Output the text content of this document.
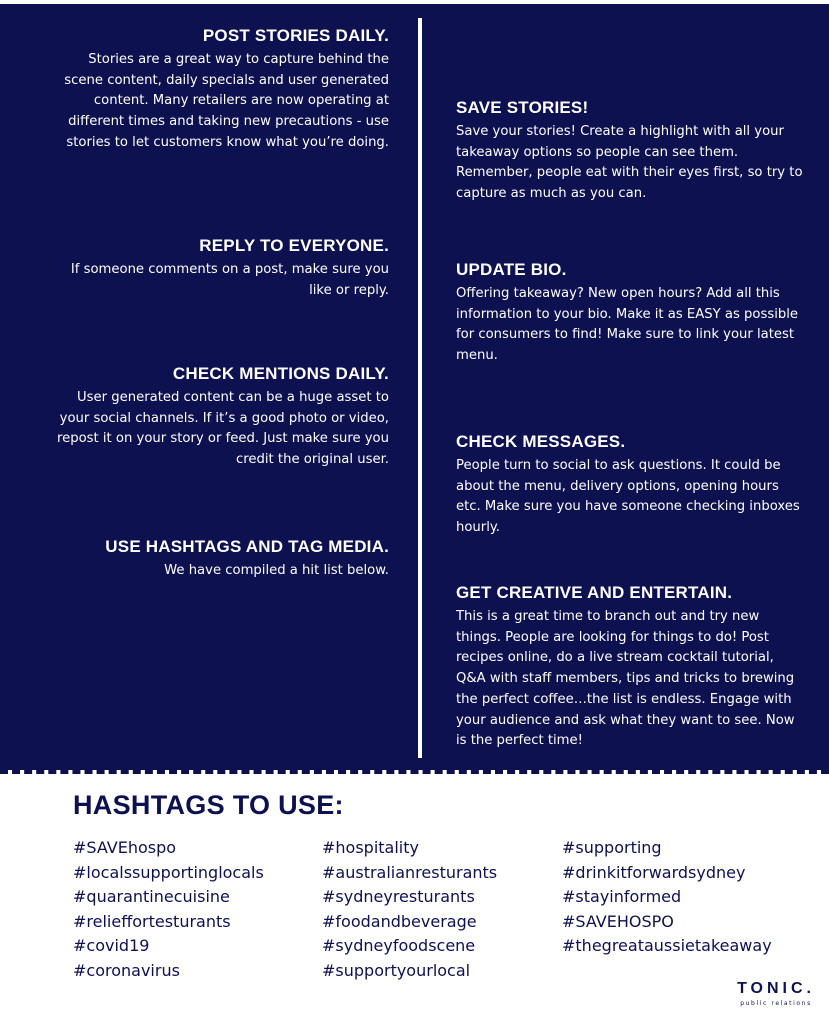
POST STORIES DAILY.

Stories are a great way to capture behind the scene content, daily specials and user generated content. Many retailers are now operating at different times and taking new precautions - use stories to let customers know what you’re doing.

REPLY TO EVERYONE.

If someone comments on a post, make sure you like or reply.

CHECK MENTIONS DAILY.

User generated content can be a huge asset to your social channels. If it’s a good photo or video, repost it on your story or feed. Just make sure you credit the original user.

USE HASHTAGS AND TAG MEDIA.

We have compiled a hit list below.

SAVE STORIES!

Save your stories! Create a highlight with all your takeaway options so people can see them. Remember, people eat with their eyes first, so try to capture as much as you can.

UPDATE BIO.

Offering takeaway? New open hours? Add all this information to your bio. Make it as EASY as possible for consumers to find! Make sure to link your latest menu.

CHECK MESSAGES.

People turn to social to ask questions. It could be about the menu, delivery options, opening hours etc. Make sure you have someone checking inboxes hourly.

GET CREATIVE AND ENTERTAIN.

This is a great time to branch out and try new things. People are looking for things to do! Post recipes online, do a live stream cocktail tutorial, Q&A with staff members, tips and tricks to brewing the perfect coffee…the list is endless. Engage with your audience and ask what they want to see. Now is the perfect time!

HASHTAGS TO USE:
#SAVEhospo
#localssupportinglocals
#quarantinecuisine
#relieffortesturants
#covid19
#coronavirus
#hospitality
#australianresturants
#sydneyresturants
#foodandbeverage
#sydneyfoodscene
#supportyourlocal
#supporting
#drinkitforwardsydney
#stayinformed
#SAVEHOSPO
#thegreataussietakeaway
TONIC.
public relations
